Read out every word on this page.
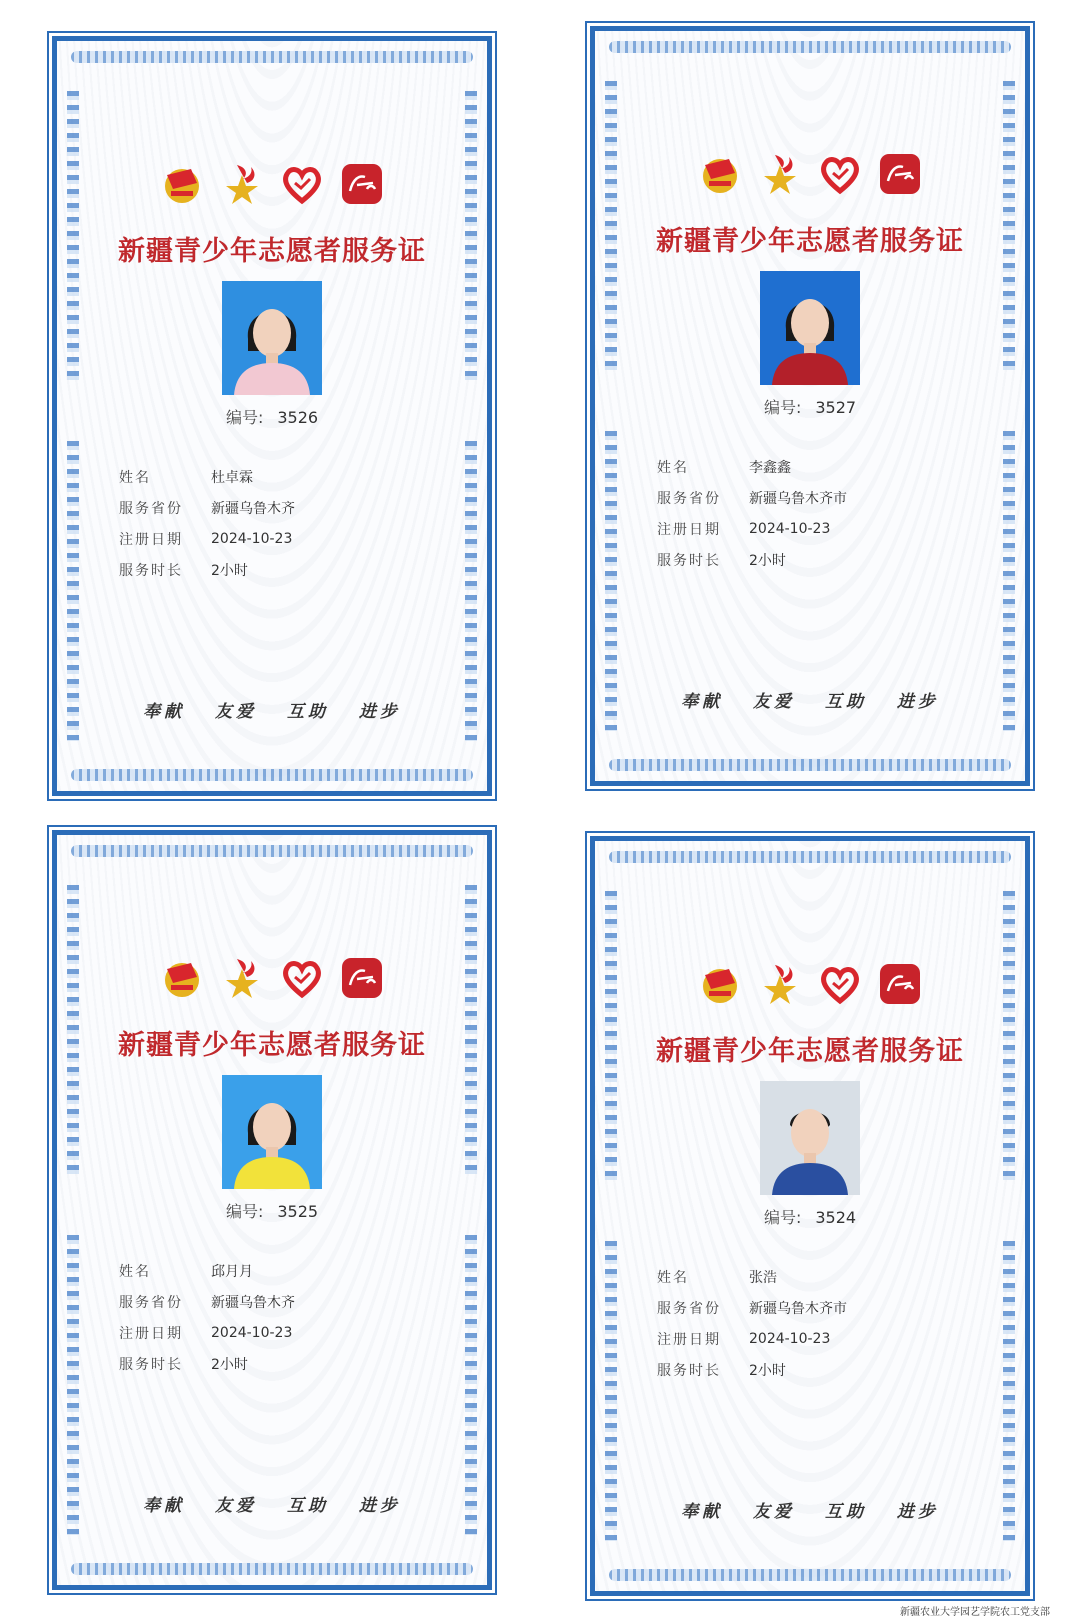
新疆青少年志愿者服务证
编号: 3526
姓名	杜卓霖
服务省份	新疆乌鲁木齐
注册日期	2024-10-23
服务时长	2小时
奉献 友爱 互助 进步
新疆青少年志愿者服务证
编号: 3527
姓名	李鑫鑫
服务省份	新疆乌鲁木齐市
注册日期	2024-10-23
服务时长	2小时
奉献 友爱 互助 进步
新疆青少年志愿者服务证
编号: 3525
姓名	邱月月
服务省份	新疆乌鲁木齐
注册日期	2024-10-23
服务时长	2小时
奉献 友爱 互助 进步
新疆青少年志愿者服务证
编号: 3524
姓名	张浩
服务省份	新疆乌鲁木齐市
注册日期	2024-10-23
服务时长	2小时
奉献 友爱 互助 进步
新疆农业大学园艺学院农工党支部
